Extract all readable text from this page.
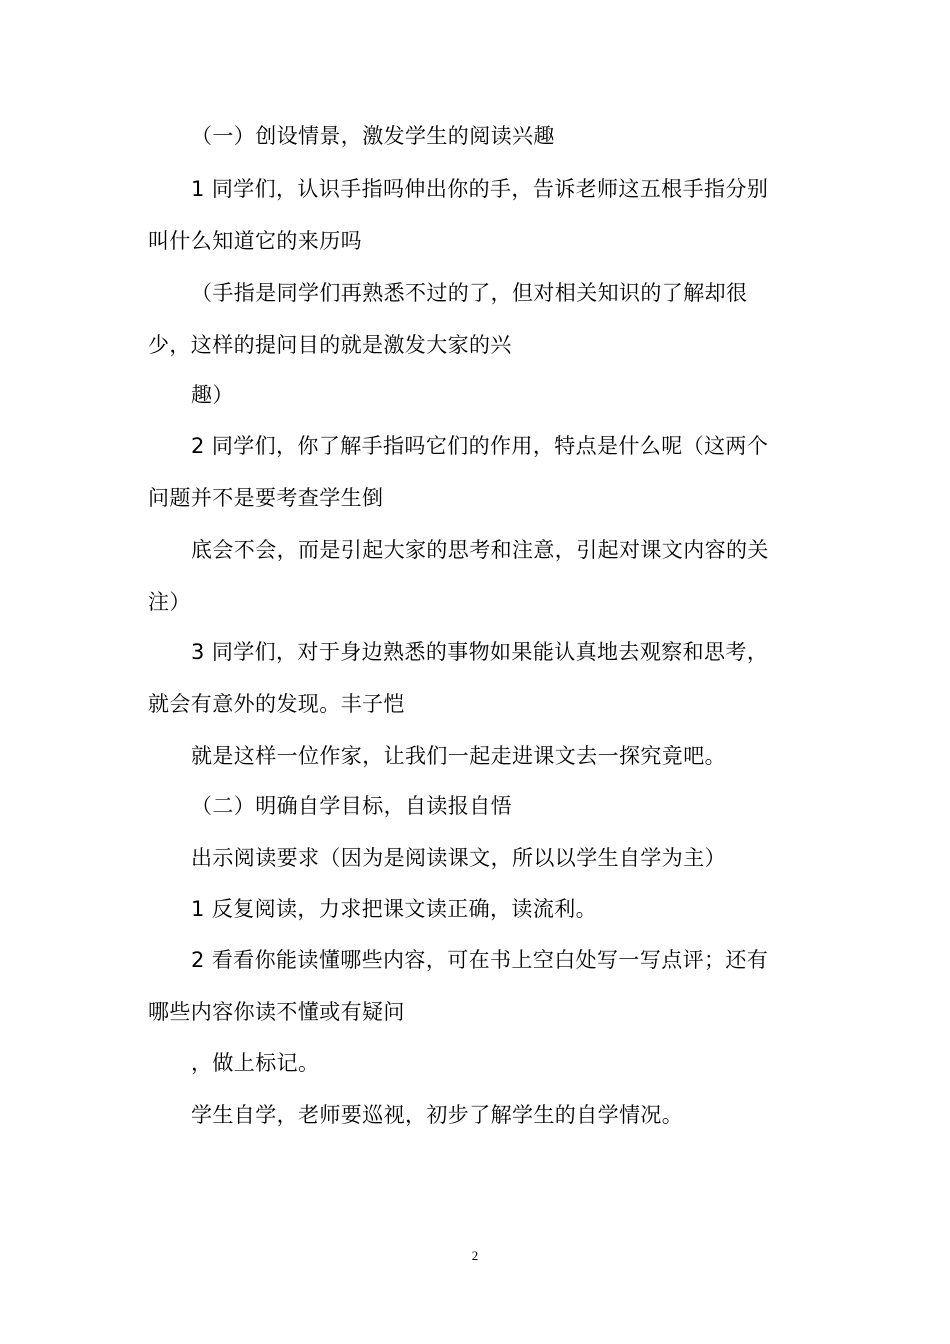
（一）创设情景，激发学生的阅读兴趣
1 同学们，认识手指吗伸出你的手，告诉老师这五根手指分别
叫什么知道它的来历吗
（手指是同学们再熟悉不过的了，但对相关知识的了解却很
少，这样的提问目的就是激发大家的兴
趣）
2 同学们，你了解手指吗它们的作用，特点是什么呢（这两个
问题并不是要考查学生倒
底会不会，而是引起大家的思考和注意，引起对课文内容的关
注）
3 同学们，对于身边熟悉的事物如果能认真地去观察和思考，
就会有意外的发现。丰子恺
就是这样一位作家，让我们一起走进课文去一探究竟吧。
（二）明确自学目标，自读报自悟
出示阅读要求（因为是阅读课文，所以以学生自学为主）
1 反复阅读，力求把课文读正确，读流利。
2 看看你能读懂哪些内容，可在书上空白处写一写点评；还有
哪些内容你读不懂或有疑问
，做上标记。
学生自学，老师要巡视，初步了解学生的自学情况。
2
